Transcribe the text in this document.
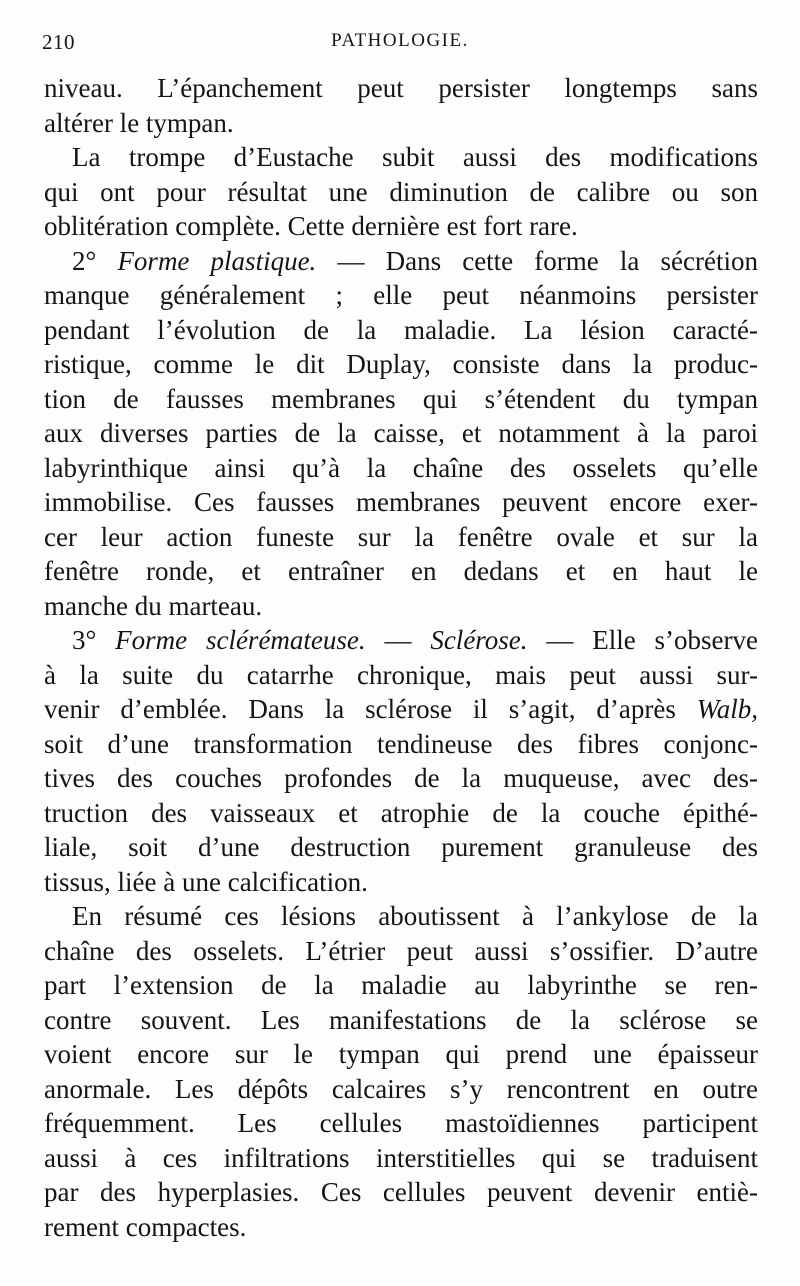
210	PATHOLOGIE.
niveau. L’épanchement peut persister longtemps sans
altérer le tympan.
La trompe d’Eustache subit aussi des modifications
qui ont pour résultat une diminution de calibre ou son
oblitération complète. Cette dernière est fort rare.
2° Forme plastique. — Dans cette forme la sécrétion
manque généralement ; elle peut néanmoins persister
pendant l’évolution de la maladie. La lésion caracté-
ristique, comme le dit Duplay, consiste dans la produc-
tion de fausses membranes qui s’étendent du tympan
aux diverses parties de la caisse, et notamment à la paroi
labyrinthique ainsi qu’à la chaîne des osselets qu’elle
immobilise. Ces fausses membranes peuvent encore exer-
cer leur action funeste sur la fenêtre ovale et sur la
fenêtre ronde, et entraîner en dedans et en haut le
manche du marteau.
3° Forme sclérémateuse. — Sclérose. — Elle s’observe
à la suite du catarrhe chronique, mais peut aussi sur-
venir d’emblée. Dans la sclérose il s’agit, d’après Walb,
soit d’une transformation tendineuse des fibres conjonc-
tives des couches profondes de la muqueuse, avec des-
truction des vaisseaux et atrophie de la couche épithé-
liale, soit d’une destruction purement granuleuse des
tissus, liée à une calcification.
En résumé ces lésions aboutissent à l’ankylose de la
chaîne des osselets. L’étrier peut aussi s’ossifier. D’autre
part l’extension de la maladie au labyrinthe se ren-
contre souvent. Les manifestations de la sclérose se
voient encore sur le tympan qui prend une épaisseur
anormale. Les dépôts calcaires s’y rencontrent en outre
fréquemment. Les cellules mastoïdiennes participent
aussi à ces infiltrations interstitielles qui se traduisent
par des hyperplasies. Ces cellules peuvent devenir entiè-
rement compactes.
